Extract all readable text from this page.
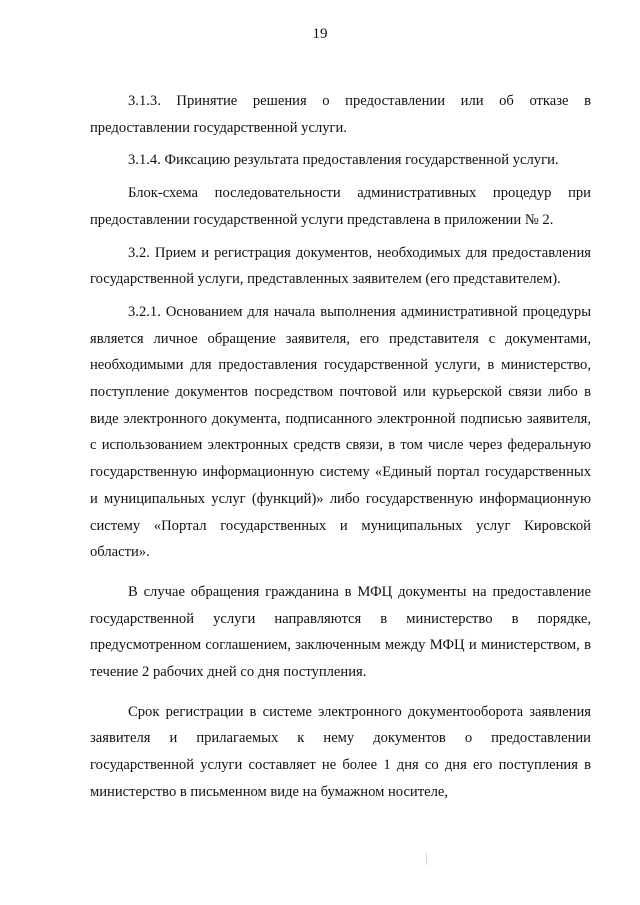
19

3.1.3. Принятие решения о предоставлении или об отказе в предоставлении государственной услуги.

3.1.4. Фиксацию результата предоставления государственной услуги.

Блок-схема последовательности административных процедур при предоставлении государственной услуги представлена в приложении № 2.

3.2. Прием и регистрация документов, необходимых для предоставления государственной услуги, представленных заявителем (его представителем).

3.2.1. Основанием для начала выполнения административной процедуры является личное обращение заявителя, его представителя с документами, необходимыми для предоставления государственной услуги, в министерство, поступление документов посредством почтовой или курьерской связи либо в виде электронного документа, подписанного электронной подписью заявителя, с использованием электронных средств связи, в том числе через федеральную государственную информационную систему «Единый портал государственных и муниципальных услуг (функций)» либо государственную информационную систему «Портал государственных и муниципальных услуг Кировской области».

В случае обращения гражданина в МФЦ документы на предоставление государственной услуги направляются в министерство в порядке, предусмотренном соглашением, заключенным между МФЦ и министерством, в течение 2 рабочих дней со дня поступления.

Срок регистрации в системе электронного документооборота заявления заявителя и прилагаемых к нему документов о предоставлении государственной услуги составляет не более 1 дня со дня его поступления в министерство в письменном виде на бумажном носителе,
